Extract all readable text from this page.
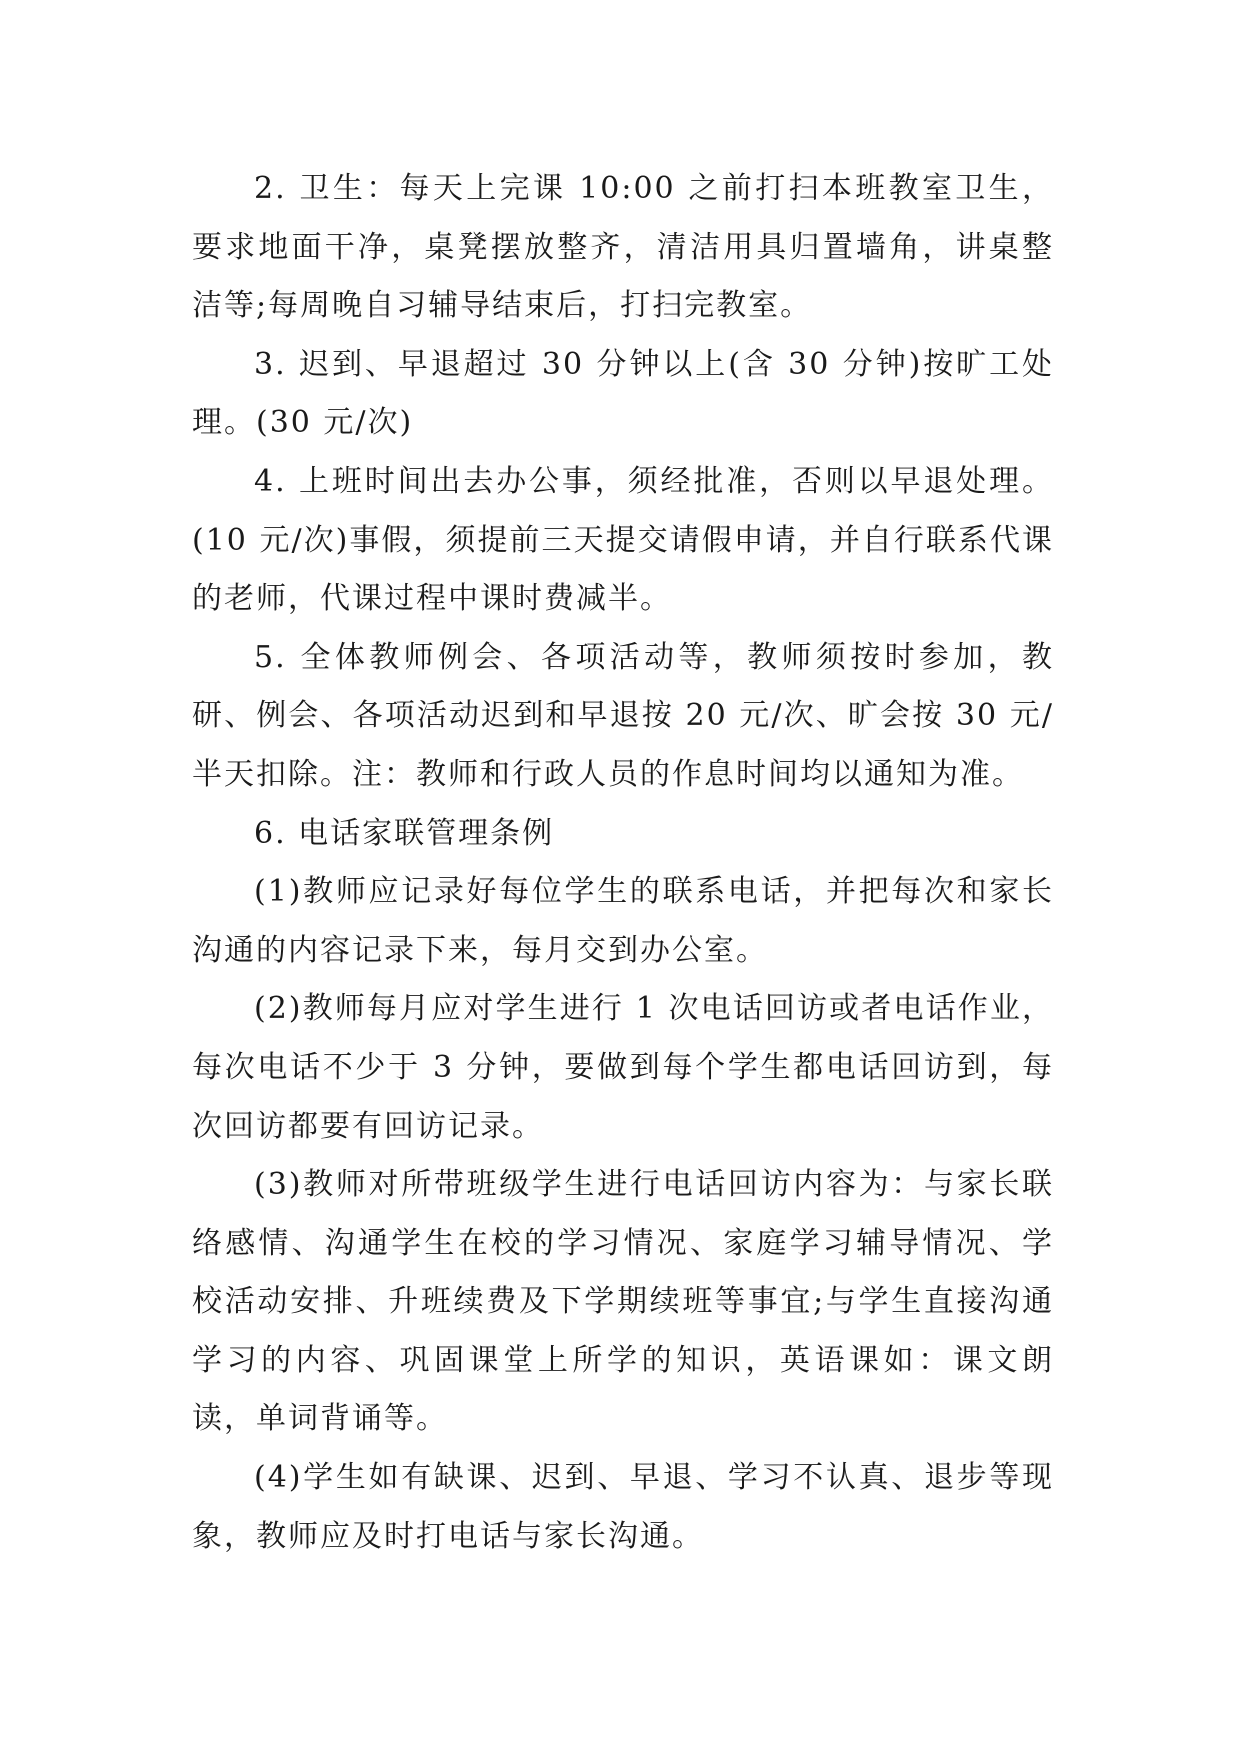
2. 卫生：每天上完课 10:00 之前打扫本班教室卫生，要求地面干净，桌凳摆放整齐，清洁用具归置墙角，讲桌整洁等;每周晚自习辅导结束后，打扫完教室。

3. 迟到、早退超过 30 分钟以上(含 30 分钟)按旷工处理。(30 元/次)

4. 上班时间出去办公事，须经批准，否则以早退处理。(10 元/次)事假，须提前三天提交请假申请，并自行联系代课的老师，代课过程中课时费减半。

5. 全体教师例会、各项活动等，教师须按时参加，教研、例会、各项活动迟到和早退按 20 元/次、旷会按 30 元/半天扣除。注：教师和行政人员的作息时间均以通知为准。

6. 电话家联管理条例

(1)教师应记录好每位学生的联系电话，并把每次和家长沟通的内容记录下来，每月交到办公室。

(2)教师每月应对学生进行 1 次电话回访或者电话作业，每次电话不少于 3 分钟，要做到每个学生都电话回访到，每次回访都要有回访记录。

(3)教师对所带班级学生进行电话回访内容为：与家长联络感情、沟通学生在校的学习情况、家庭学习辅导情况、学校活动安排、升班续费及下学期续班等事宜;与学生直接沟通学习的内容、巩固课堂上所学的知识，英语课如：课文朗读，单词背诵等。

(4)学生如有缺课、迟到、早退、学习不认真、退步等现象，教师应及时打电话与家长沟通。
